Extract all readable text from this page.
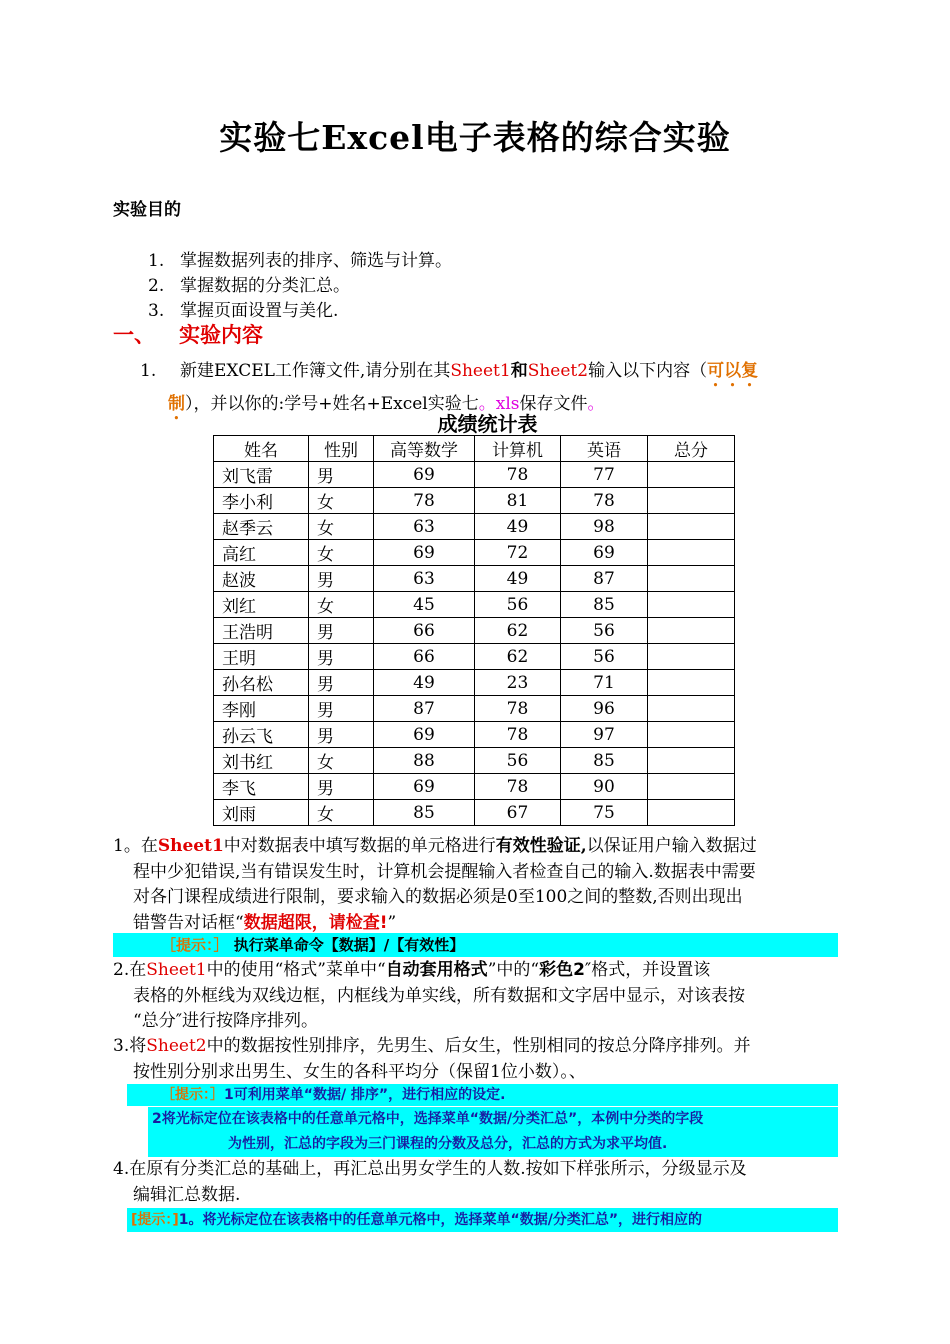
实验七Excel电子表格的综合实验
实验目的
1. 掌握数据列表的排序、筛选与计算。
2. 掌握数据的分类汇总。
3. 掌握页面设置与美化.
一、 实验内容
1. 新建EXCEL工作簿文件,请分别在其Sheet1和Sheet2输入以下内容（可以复
制），并以你的:学号+姓名+Excel实验七。xls保存文件。
成绩统计表
姓名	性别	高等数学	计算机	英语	总分
刘飞雷	男	69	78	77	
李小利	女	78	81	78	
赵季云	女	63	49	98	
高红	女	69	72	69	
赵波	男	63	49	87	
刘红	女	45	56	85	
王浩明	男	66	62	56	
王明	男	66	62	56	
孙名松	男	49	23	71	
李刚	男	87	78	96	
孙云飞	男	69	78	97	
刘书红	女	88	56	85	
李飞	男	69	78	90	
刘雨	女	85	67	75	
1。在Sheet1中对数据表中填写数据的单元格进行有效性验证,以保证用户输入数据过
程中少犯错误,当有错误发生时，计算机会提醒输入者检查自己的输入.数据表中需要
对各门课程成绩进行限制，要求输入的数据必须是0至100之间的整数,否则出现出
错警告对话框“数据超限，请检查!”
［提示：］ 执行菜单命令【数据】/【有效性】
2.在Sheet1中的使用“格式”菜单中“自动套用格式”中的“彩色2″格式，并设置该
表格的外框线为双线边框，内框线为单实线，所有数据和文字居中显示，对该表按
“总分″进行按降序排列。
3.将Sheet2中的数据按性别排序，先男生、后女生，性别相同的按总分降序排列。并
按性别分别求出男生、女生的各科平均分（保留1位小数）。、
［提示：］1可利用菜单“数据/ 排序”，进行相应的设定.
2将光标定位在该表格中的任意单元格中，选择菜单“数据/分类汇总”，本例中分类的字段
为性别，汇总的字段为三门课程的分数及总分，汇总的方式为求平均值.
4.在原有分类汇总的基础上，再汇总出男女学生的人数.按如下样张所示，分级显示及
编辑汇总数据.
[提示：]1。将光标定位在该表格中的任意单元格中，选择菜单“数据/分类汇总”，进行相应的
